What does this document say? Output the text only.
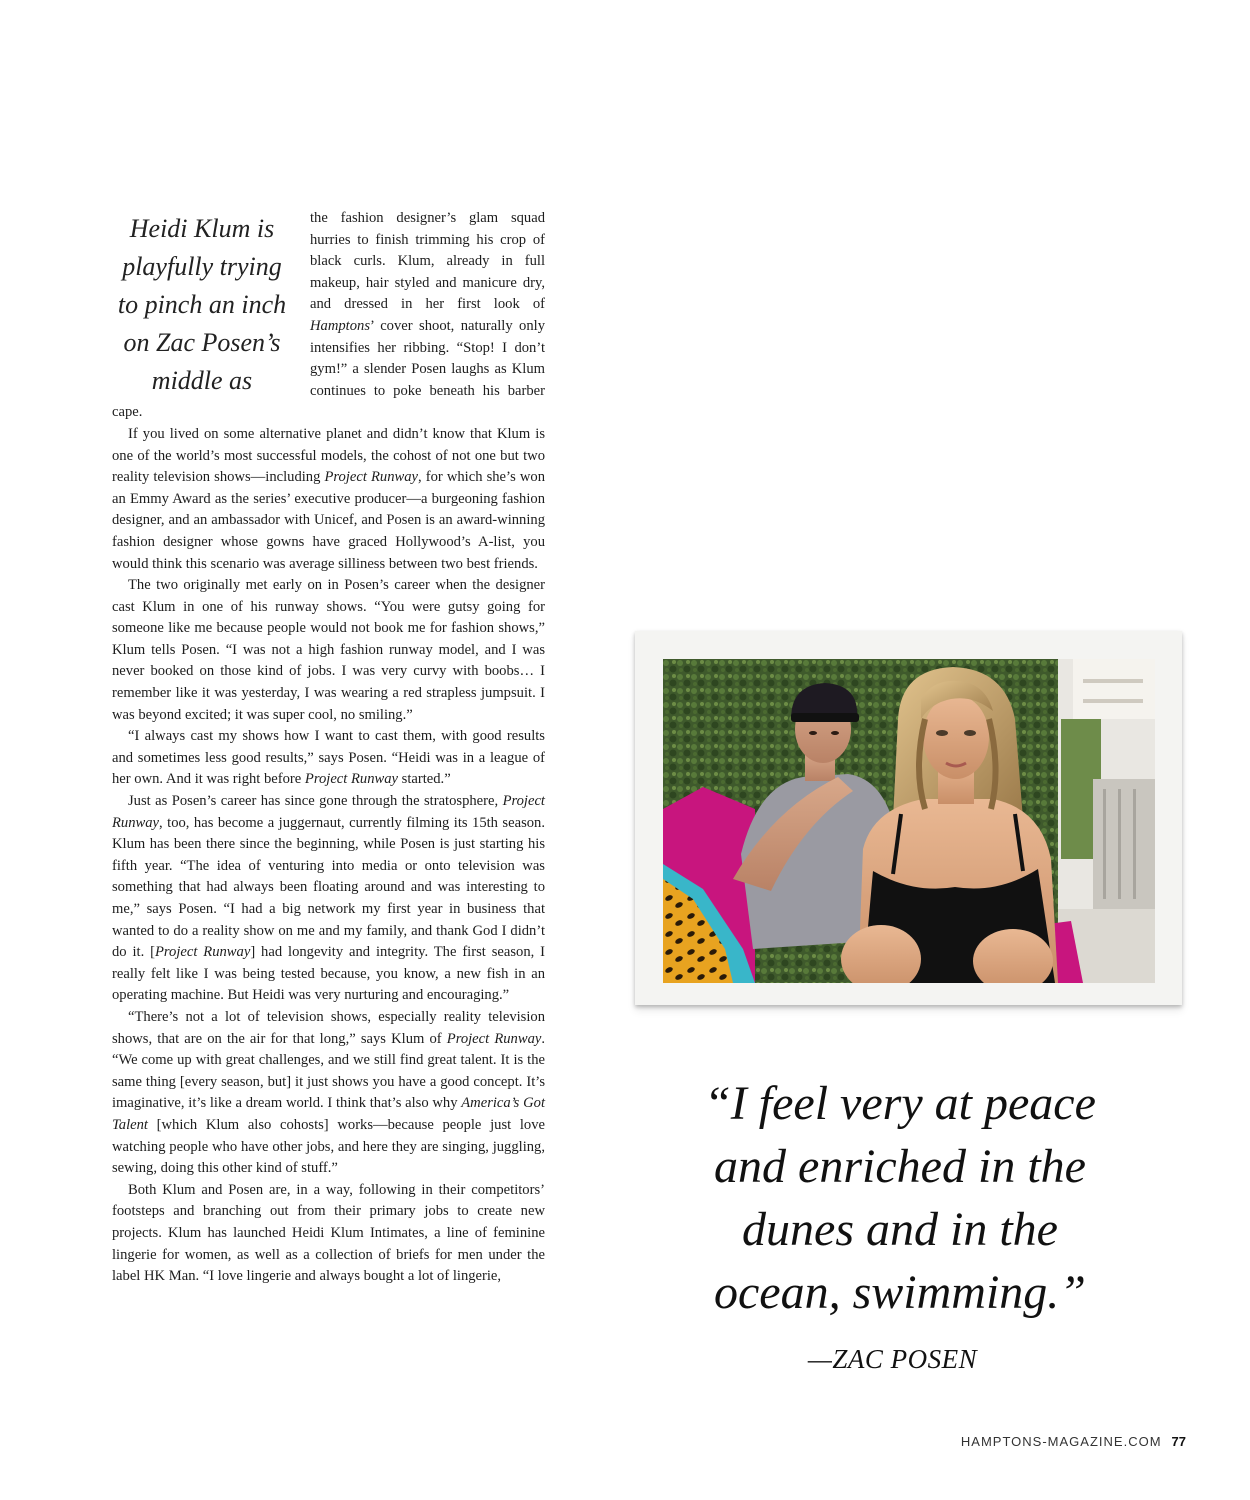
Heidi Klum is
playfully trying
to pinch an inch
on Zac Posen’s
middle as

the fashion designer’s glam squad hurries to finish trimming his crop of black curls. Klum, already in full makeup, hair styled and manicure dry, and dressed in her first look of Hamptons’ cover shoot, naturally only intensifies her ribbing. “Stop! I don’t gym!” a slender Posen laughs as Klum continues to poke beneath his barber cape.

If you lived on some alternative planet and didn’t know that Klum is one of the world’s most successful models, the cohost of not one but two reality television shows—including Project Runway, for which she’s won an Emmy Award as the series’ executive producer—a burgeoning fashion designer, and an ambassador with Unicef, and Posen is an award-winning fashion designer whose gowns have graced Hollywood’s A-list, you would think this scenario was average silliness between two best friends.

The two originally met early on in Posen’s career when the designer cast Klum in one of his runway shows. “You were gutsy going for someone like me because people would not book me for fashion shows,” Klum tells Posen. “I was not a high fashion runway model, and I was never booked on those kind of jobs. I was very curvy with boobs… I remember like it was yesterday, I was wearing a red strapless jumpsuit. I was beyond excited; it was super cool, no smiling.”

“I always cast my shows how I want to cast them, with good results and sometimes less good results,” says Posen. “Heidi was in a league of her own. And it was right before Project Runway started.”

Just as Posen’s career has since gone through the stratosphere, Project Runway, too, has become a juggernaut, currently filming its 15th season. Klum has been there since the beginning, while Posen is just starting his fifth year. “The idea of venturing into media or onto television was something that had always been floating around and was interesting to me,” says Posen. “I had a big network my first year in business that wanted to do a reality show on me and my family, and thank God I didn’t do it. [Project Runway] had longevity and integrity. The first season, I really felt like I was being tested because, you know, a new fish in an operating machine. But Heidi was very nurturing and encouraging.”

“There’s not a lot of television shows, especially reality television shows, that are on the air for that long,” says Klum of Project Runway. “We come up with great challenges, and we still find great talent. It is the same thing [every season, but] it just shows you have a good concept. It’s imaginative, it’s like a dream world. I think that’s also why America’s Got Talent [which Klum also cohosts] works—because people just love watching people who have other jobs, and here they are singing, juggling, sewing, doing this other kind of stuff.”

Both Klum and Posen are, in a way, following in their competitors’ footsteps and branching out from their primary jobs to create new projects. Klum has launched Heidi Klum Intimates, a line of feminine lingerie for women, as well as a collection of briefs for men under the label HK Man. “I love lingerie and always bought a lot of lingerie,

“I feel very at peace
and enriched in the
dunes and in the
ocean, swimming.”
—ZAC POSEN
HAMPTONS-MAGAZINE.COM 77
